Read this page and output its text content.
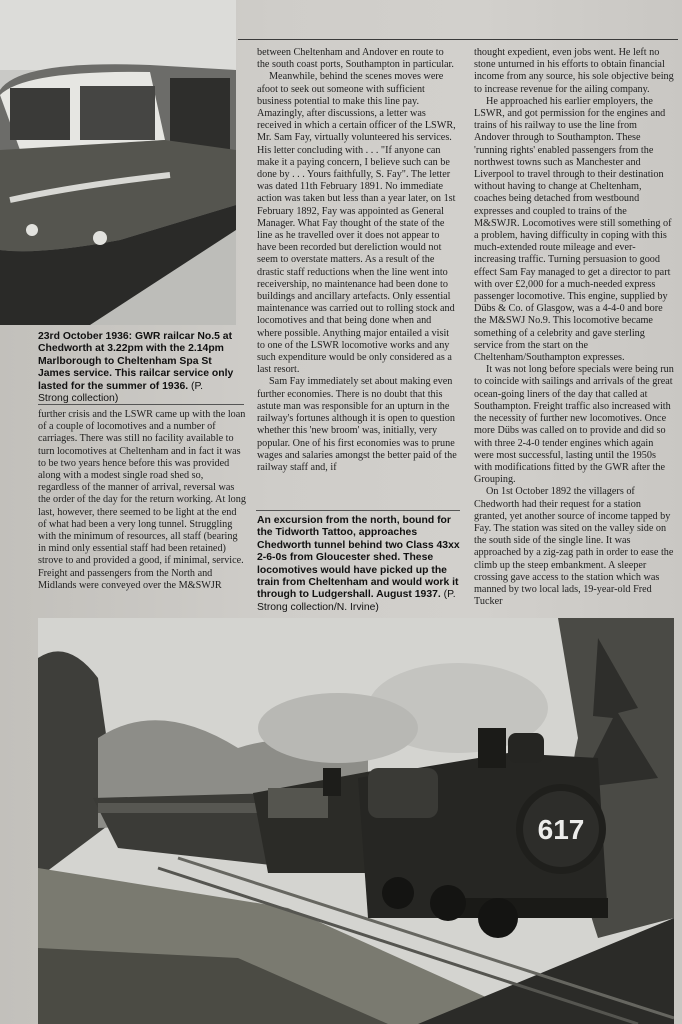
23rd October 1936: GWR railcar No.5 at Chedworth at 3.22pm with the 2.14pm Marlborough to Cheltenham Spa St James service. This railcar service only lasted for the summer of 1936. (P. Strong collection)

further crisis and the LSWR came up with the loan of a couple of locomotives and a number of carriages. There was still no facility available to turn locomotives at Cheltenham and in fact it was to be two years hence before this was provided along with a modest single road shed so, regardless of the manner of arrival, reversal was the order of the day for the return working. At long last, however, there seemed to be light at the end of what had been a very long tunnel. Struggling with the minimum of resources, all staff (bearing in mind only essential staff had been retained) strove to and provided a good, if minimal, service. Freight and passengers from the North and Midlands were conveyed over the M&SWJR

between Cheltenham and Andover en route to the south coast ports, Southampton in particular.

Meanwhile, behind the scenes moves were afoot to seek out someone with sufficient business potential to make this line pay. Amazingly, after discussions, a letter was received in which a certain officer of the LSWR, Mr. Sam Fay, virtually volunteered his services. His letter concluding with . . . "If anyone can make it a paying concern, I believe such can be done by . . . Yours faithfully, S. Fay". The letter was dated 11th February 1891. No immediate action was taken but less than a year later, on 1st February 1892, Fay was appointed as General Manager. What Fay thought of the state of the line as he travelled over it does not appear to have been recorded but dereliction would not seem to overstate matters. As a result of the drastic staff reductions when the line went into receivership, no maintenance had been done to buildings and ancillary artefacts. Only essential maintenance was carried out to rolling stock and locomotives and that being done when and where possible. Anything major entailed a visit to one of the LSWR locomotive works and any such expenditure would be only considered as a last resort.

Sam Fay immediately set about making even further economies. There is no doubt that this astute man was responsible for an upturn in the railway's fortunes although it is open to question whether this 'new broom' was, initially, very popular. One of his first economies was to prune wages and salaries amongst the better paid of the railway staff and, if

An excursion from the north, bound for the Tidworth Tattoo, approaches Chedworth tunnel behind two Class 43xx 2-6-0s from Gloucester shed. These locomotives would have picked up the train from Cheltenham and would work it through to Ludgershall. August 1937. (P. Strong collection/N. Irvine)

thought expedient, even jobs went. He left no stone unturned in his efforts to obtain financial income from any source, his sole objective being to increase revenue for the ailing company.

He approached his earlier employers, the LSWR, and got permission for the engines and trains of his railway to use the line from Andover through to Southampton. These 'running rights' enabled passengers from the northwest towns such as Manchester and Liverpool to travel through to their destination without having to change at Cheltenham, coaches being detached from westbound expresses and coupled to trains of the M&SWJR. Locomotives were still something of a problem, having difficulty in coping with this much-extended route mileage and ever-increasing traffic. Turning persuasion to good effect Sam Fay managed to get a director to part with over £2,000 for a much-needed express passenger locomotive. This engine, supplied by Dübs & Co. of Glasgow, was a 4-4-0 and bore the M&SWJ No.9. This locomotive became something of a celebrity and gave sterling service from the start on the Cheltenham/Southampton expresses.

It was not long before specials were being run to coincide with sailings and arrivals of the great ocean-going liners of the day that called at Southampton. Freight traffic also increased with the necessity of further new locomotives. Once more Dübs was called on to provide and did so with three 2-4-0 tender engines which again were most successful, lasting until the 1950s with modifications fitted by the GWR after the Grouping.

On 1st October 1892 the villagers of Chedworth had their request for a station granted, yet another source of income tapped by Fay. The station was sited on the valley side on the south side of the single line. It was approached by a zig-zag path in order to ease the climb up the steep embankment. A sleeper crossing gave access to the station which was manned by two local lads, 19-year-old Fred Tucker

617
